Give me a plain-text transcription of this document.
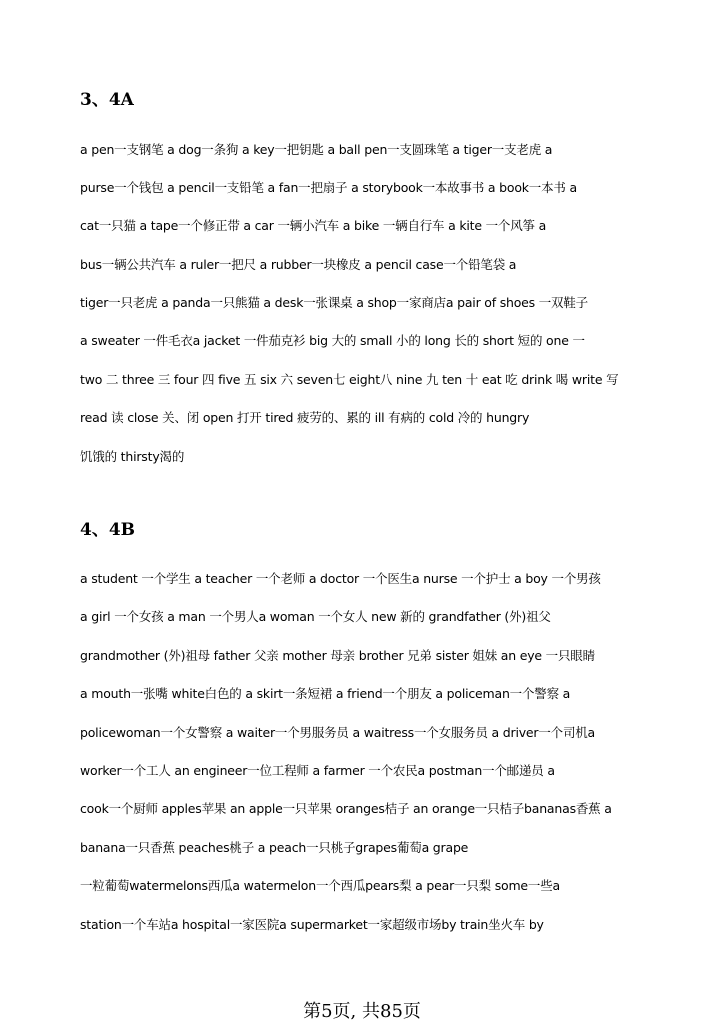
3、4A
a pen一支钢笔 a dog一条狗 a key一把钥匙 a ball pen一支圆珠笔 a tiger一支老虎 a
purse一个钱包 a pencil一支铅笔 a fan一把扇子 a storybook一本故事书 a book一本书 a
cat一只猫 a tape一个修正带 a car 一辆小汽车 a bike 一辆自行车 a kite 一个风筝 a
bus一辆公共汽车 a ruler一把尺 a rubber一块橡皮 a pencil case一个铅笔袋 a
tiger一只老虎 a panda一只熊猫 a desk一张课桌 a shop一家商店a pair of shoes 一双鞋子
a sweater 一件毛衣a jacket 一件茄克衫 big 大的 small 小的 long 长的 short 短的 one 一
two 二 three 三 four 四 five 五 six 六 seven七 eight八 nine 九 ten 十 eat 吃 drink 喝 write 写
read 读 close 关、闭 open 打开 tired 疲劳的、累的 ill 有病的 cold 冷的 hungry
饥饿的 thirsty渴的
4、4B
a student 一个学生 a teacher 一个老师 a doctor 一个医生a nurse 一个护士 a boy 一个男孩
a girl 一个女孩 a man 一个男人a woman 一个女人 new 新的 grandfather (外)祖父
grandmother (外)祖母 father 父亲 mother 母亲 brother 兄弟 sister 姐妹 an eye 一只眼睛
a mouth一张嘴 white白色的 a skirt一条短裙 a friend一个朋友 a policeman一个警察 a
policewoman一个女警察 a waiter一个男服务员 a waitress一个女服务员 a driver一个司机a
worker一个工人 an engineer一位工程师 a farmer 一个农民a postman一个邮递员 a
cook一个厨师 apples苹果 an apple一只苹果 oranges桔子 an orange一只桔子bananas香蕉 a
banana一只香蕉 peaches桃子 a peach一只桃子grapes葡萄a grape
一粒葡萄watermelons西瓜a watermelon一个西瓜pears梨 a pear一只梨 some一些a
station一个车站a hospital一家医院a supermarket一家超级市场by train坐火车 by
第5页, 共85页
